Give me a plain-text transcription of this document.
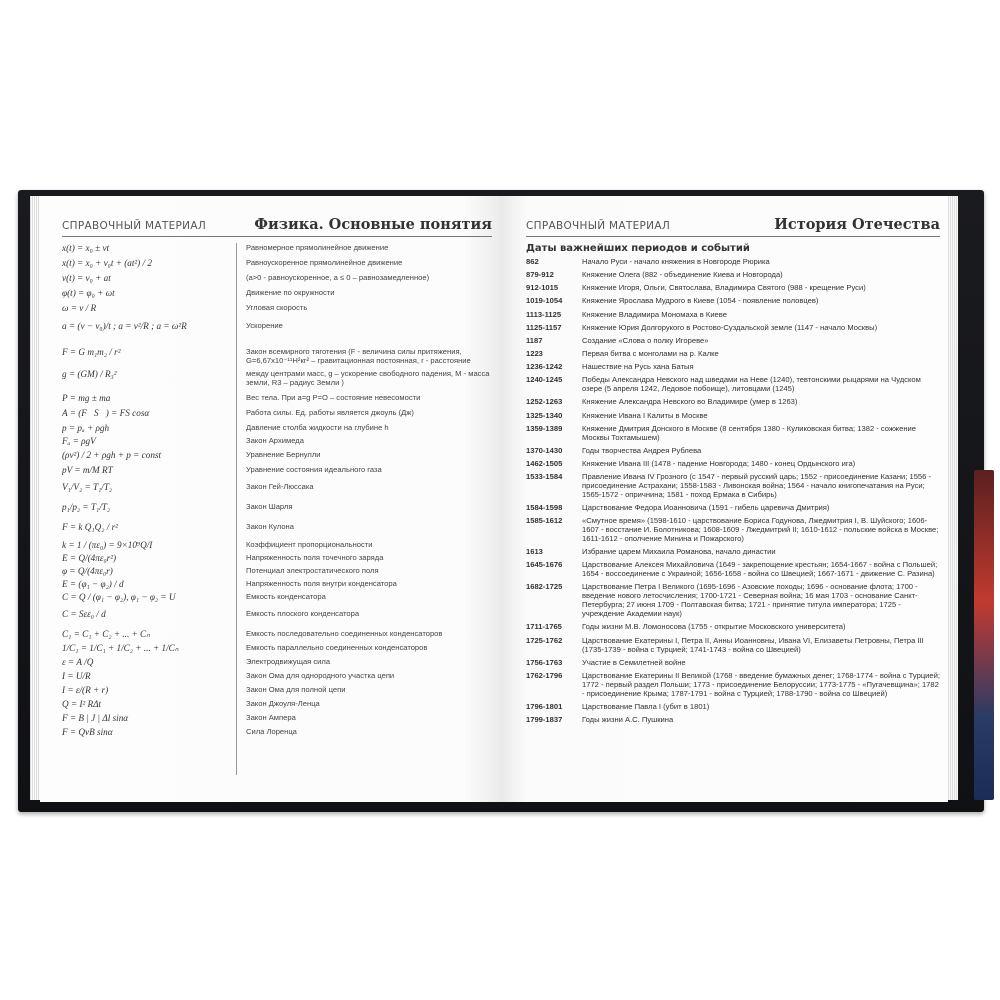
СПРАВОЧНЫЙ МАТЕРИАЛ	Физика. Основные понятия
x(t) = x₀ ± vt	Равномерное прямолинейное движение
x(t) = x₀ + v₀t + (at²) / 2	Равноускоренное прямолинейное движение
v(t) = v₀ + at	(a>0 - равноускоренное, a ≤ 0 – равнозамедленное)
φ(t) = φ₀ + ωt	Движение по окружности
ω = v / R	Угловая скорость
a = (v − v₀)/t ; a = v²/R ; a = ω²R	Ускорение
F = G m₁m₂ / r²	Закон всемирного тяготения (F - величина силы притяжения, G=6,67x10⁻¹¹H²кг² – гравитационная постоянная, r - расстояние
g = (GM) / R₃²	между центрами масс, g – ускорение свободного падения, M - масса земли, R3 – радиус Земли )
P = mg ± ma	Вес тела. При a=g P=O – состояние невесомости
A = (F⃗S⃗) = FS cosα	Работа силы. Ед. работы является джоуль (Дж)
p = pₐ + ρgh	Давление столба жидкости на глубине h
Fₐ = ρgV	Закон Архимеда
(ρv²) / 2 + ρgh + p = const	Уравнение Бернулли
pV = m/M RT	Уравнение состояния идеального газа
V₁/V₂ = T₁/T₂	Закон Гей-Люссака
p₁/p₂ = T₁/T₂	Закон Шарля
F = k Q₁Q₂ / r²	Закон Кулона
k = 1 / (πε₀) = 9×10⁹Q/I	Коэффициент пропорциональности
E = Q/(4πε₀r²)	Напряженность поля точечного заряда
φ = Q/(4πε₀r)	Потенциал электростатического поля
E = (φ₁ − φ₂) / d	Напряженность поля внутри конденсатора
C = Q / (φ₁ − φ₂), φ₁ − φ₂ = U	Емкость конденсатора
C = Sεε₀ / d	Емкость плоского конденсатора
C₁ = C₁ + C₂ + ... + Cₙ	Емкость последовательно соединенных конденсаторов
1/C₁ = 1/C₁ + 1/C₂ + ... + 1/Cₙ	Емкость параллельно соединенных конденсаторов
ε = A /Q	Электродвижущая сила
I = U/R	Закон Ома для однородного участка цепи
I = ε/(R + r)	Закон Ома для полной цепи
Q = I² RΔt	Закон Джоуля-Ленца
F = B | J | Δl sinα	Закон Ампера
F = QvB sinα	Сила Лоренца
СПРАВОЧНЫЙ МАТЕРИАЛ	История Отечества
Даты важнейших периодов и событий
862	Начало Руси - начало княжения в Новгороде Рюрика
879-912	Княжение Олега (882 - объединение Киева и Новгорода)
912-1015	Княжение Игоря, Ольги, Святослава, Владимира Святого (988 - крещение Руси)
1019-1054	Княжение Ярослава Мудрого в Киеве (1054 - появление половцев)
1113-1125	Княжение Владимира Мономаха в Киеве
1125-1157	Княжение Юрия Долгорукого в Ростово-Суздальской земле (1147 - начало Москвы)
1187	Создание «Слова о полку Игореве»
1223	Первая битва с монголами на р. Калке
1236-1242	Нашествие на Русь хана Батыя
1240-1245	Победы Александра Невского над шведами на Неве (1240), тевтонскими рыцарями на Чудском озере (5 апреля 1242, Ледовое побоище), литовцами (1245)
1252-1263	Княжение Александра Невского во Владимире (умер в 1263)
1325-1340	Княжение Ивана I Калиты в Москве
1359-1389	Княжение Дмитрия Донского в Москве (8 сентября 1380 - Куликовская битва; 1382 - сожжение Москвы Тохтамышем)
1370-1430	Годы творчества Андрея Рублева
1462-1505	Княжение Ивана III (1478 - падение Новгорода; 1480 - конец Ордынского ига)
1533-1584	Правление Ивана IV Грозного (с 1547 - первый русский царь; 1552 - присоединение Казани; 1556 - присоединение Астрахани; 1558-1583 - Ливонская война; 1564 - начало книгопечатания на Руси; 1565-1572 - опричнина; 1581 - поход Ермака в Сибирь)
1584-1598	Царствование Федора Иоанновича (1591 - гибель царевича Дмитрия)
1585-1612	«Смутное время» (1598-1610 - царствование Бориса Годунова, Лжедмитрия I, В. Шуйского; 1606-1607 - восстание И. Болотникова; 1608-1609 - Лжедмитрий II; 1610-1612 - польские войска в Москве; 1611-1612 - ополчение Минина и Пожарского)
1613	Избрание царем Михаила Романова, начало династии
1645-1676	Царствование Алексея Михайловича (1649 - закрепощение крестьян; 1654-1667 - война с Польшей; 1654 - воссоединение с Украиной; 1656-1658 - война со Швецией; 1667-1671 - движение С. Разина)
1682-1725	Царствование Петра I Великого (1695-1696 - Азовские походы; 1696 - основание флота; 1700 - введение нового летосчисления; 1700-1721 - Северная война; 16 мая 1703 - основание Санкт-Петербурга; 27 июня 1709 - Полтавская битва; 1721 - принятие титула императора; 1725 - учреждение Академии наук)
1711-1765	Годы жизни М.В. Ломоносова (1755 - открытие Московского университета)
1725-1762	Царствование Екатерины I, Петра II, Анны Иоанновны, Ивана VI, Елизаветы Петровны, Петра III (1735-1739 - война с Турцией; 1741-1743 - война со Швецией)
1756-1763	Участие в Семилетней войне
1762-1796	Царствование Екатерины II Великой (1768 - введение бумажных денег; 1768-1774 - война с Турцией; 1772 - первый раздел Польши; 1773 - присоединение Белоруссии; 1773-1775 - «Пугачевщина»; 1782 - присоединение Крыма; 1787-1791 - война с Турцией; 1788-1790 - война со Швецией)
1796-1801	Царствование Павла I (убит в 1801)
1799-1837	Годы жизни А.С. Пушкина
